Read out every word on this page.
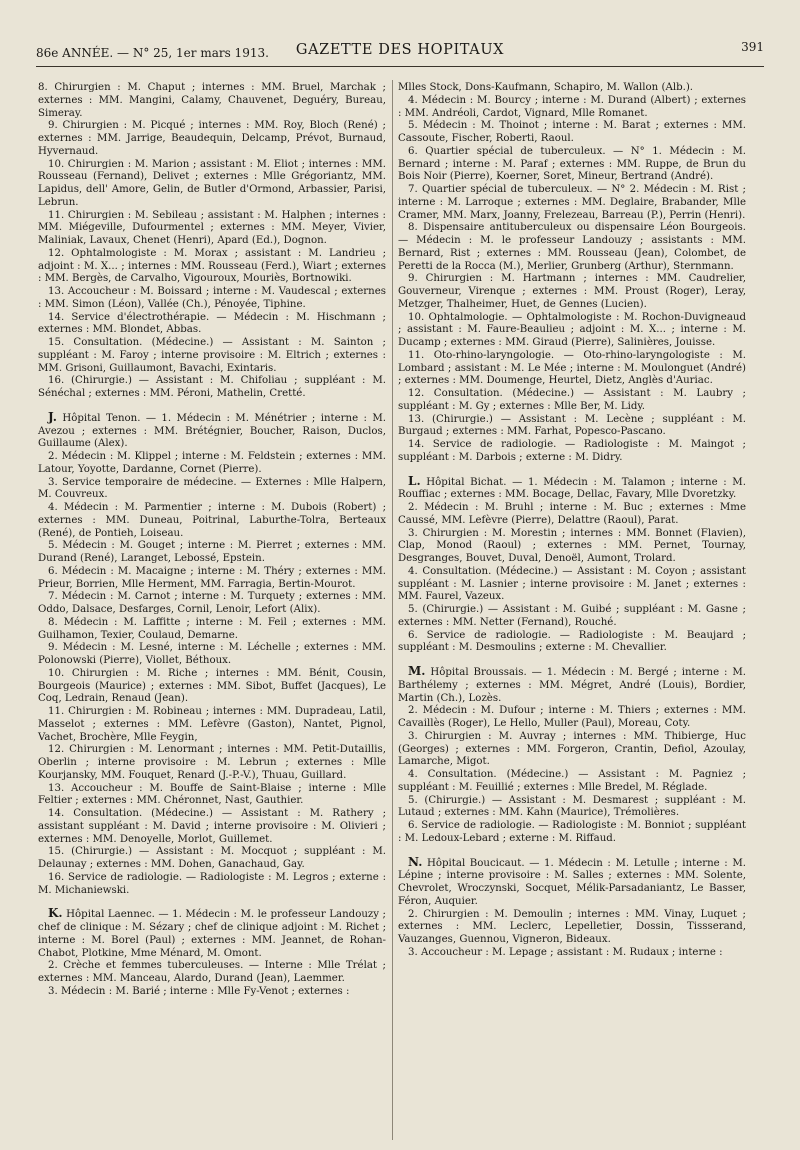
86e ANNÉE. — N° 25, 1er mars 1913.	GAZETTE DES HOPITAUX	391

8. Chirurgien : M. Chaput ; internes : MM. Bruel, Marchak ; externes : MM. Mangini, Calamy, Chauvenet, Deguéry, Bureau, Simeray.

9. Chirurgien : M. Picqué ; internes : MM. Roy, Bloch (René) ; externes : MM. Jarrige, Beaudequin, Delcamp, Prévot, Burnaud, Hyvernaud.

10. Chirurgien : M. Marion ; assistant : M. Eliot ; internes : MM. Rousseau (Fernand), Delivet ; externes : Mlle Grégoriantz, MM. Lapidus, dell' Amore, Gelin, de Butler d'Ormond, Arbassier, Parisi, Lebrun.

11. Chirurgien : M. Sebileau ; assistant : M. Halphen ; internes : MM. Miégeville, Dufourmentel ; externes : MM. Meyer, Vivier, Maliniak, Lavaux, Chenet (Henri), Apard (Ed.), Dognon.

12. Ophtalmologiste : M. Morax ; assistant : M. Landrieu ; adjoint : M. X... ; internes : MM. Rousseau (Ferd.), Wiart ; externes : MM. Bergès, de Carvalho, Vigouroux, Mouriès, Bortnowiki.

13. Accoucheur : M. Boissard ; interne : M. Vaudescal ; externes : MM. Simon (Léon), Vallée (Ch.), Pénoyée, Tiphine.

14. Service d'électrothérapie. — Médecin : M. Hischmann ; externes : MM. Blondet, Abbas.

15. Consultation. (Médecine.) — Assistant : M. Sainton ; suppléant : M. Faroy ; interne provisoire : M. Eltrich ; externes : MM. Grisoni, Guillaumont, Bavachi, Exintaris.

16. (Chirurgie.) — Assistant : M. Chifoliau ; suppléant : M. Sénéchal ; externes : MM. Péroni, Mathelin, Cretté.

J. Hôpital Tenon. — 1. Médecin : M. Ménétrier ; interne : M. Avezou ; externes : MM. Brétégnier, Boucher, Raison, Duclos, Guillaume (Alex).

2. Médecin : M. Klippel ; interne : M. Feldstein ; externes : MM. Latour, Yoyotte, Dardanne, Cornet (Pierre).

3. Service temporaire de médecine. — Externes : Mlle Halpern, M. Couvreux.

4. Médecin : M. Parmentier ; interne : M. Dubois (Robert) ; externes : MM. Duneau, Poitrinal, Laburthe-Tolra, Berteaux (René), de Pontieh, Loiseau.

5. Médecin : M. Gouget ; interne : M. Pierret ; externes : MM. Durand (René), Laranget, Lebossé, Epstein.

6. Médecin : M. Macaigne ; interne : M. Théry ; externes : MM. Prieur, Borrien, Mlle Herment, MM. Farragia, Bertin-Mourot.

7. Médecin : M. Carnot ; interne : M. Turquety ; externes : MM. Oddo, Dalsace, Desfarges, Cornil, Lenoir, Lefort (Alix).

8. Médecin : M. Laffitte ; interne : M. Feil ; externes : MM. Guilhamon, Texier, Coulaud, Demarne.

9. Médecin : M. Lesné, interne : M. Léchelle ; externes : MM. Polonowski (Pierre), Viollet, Béthoux.

10. Chirurgien : M. Riche ; internes : MM. Bénit, Cousin, Bourgeois (Maurice) ; externes : MM. Sibot, Buffet (Jacques), Le Coq, Ledrain, Renaud (Jean).

11. Chirurgien : M. Robineau ; internes : MM. Dupradeau, Latil, Masselot ; externes : MM. Lefèvre (Gaston), Nantet, Pignol, Vachet, Brochère, Mlle Feygin,

12. Chirurgien : M. Lenormant ; internes : MM. Petit-Dutaillis, Oberlin ; interne provisoire : M. Lebrun ; externes : Mlle Kourjansky, MM. Fouquet, Renard (J.-P.-V.), Thuau, Guillard.

13. Accoucheur : M. Bouffe de Saint-Blaise ; interne : Mlle Feltier ; externes : MM. Chéronnet, Nast, Gauthier.

14. Consultation. (Médecine.) — Assistant : M. Rathery ; assistant suppléant : M. David ; interne provisoire : M. Olivieri ; externes : MM. Denoyelle, Morlot, Guillemet.

15. (Chirurgie.) — Assistant : M. Mocquot ; suppléant : M. Delaunay ; externes : MM. Dohen, Ganachaud, Gay.

16. Service de radiologie. — Radiologiste : M. Legros ; externe : M. Michaniewski.

K. Hôpital Laennec. — 1. Médecin : M. le professeur Landouzy ; chef de clinique : M. Sézary ; chef de clinique adjoint : M. Richet ; interne : M. Borel (Paul) ; externes : MM. Jeannet, de Rohan-Chabot, Plotkine, Mme Ménard, M. Omont.

2. Crèche et femmes tuberculeuses. — Interne : Mlle Trélat ; externes : MM. Manceau, Alardo, Durand (Jean), Laemmer.

3. Médecin : M. Barié ; interne : Mlle Fy-Venot ; externes :

Mlles Stock, Dons-Kaufmann, Schapiro, M. Wallon (Alb.).

4. Médecin : M. Bourcy ; interne : M. Durand (Albert) ; externes : MM. Andréoli, Cardot, Vignard, Mlle Romanet.

5. Médecin : M. Thoinot ; interne : M. Barat ; externes : MM. Cassoute, Fischer, Roberti, Raoul.

6. Quartier spécial de tuberculeux. — N° 1. Médecin : M. Bernard ; interne : M. Paraf ; externes : MM. Ruppe, de Brun du Bois Noir (Pierre), Koerner, Soret, Mineur, Bertrand (André).

7. Quartier spécial de tuberculeux. — N° 2. Médecin : M. Rist ; interne : M. Larroque ; externes : MM. Deglaire, Brabander, Mlle Cramer, MM. Marx, Joanny, Frelezeau, Barreau (P.), Perrin (Henri).

8. Dispensaire antituberculeux ou dispensaire Léon Bourgeois. — Médecin : M. le professeur Landouzy ; assistants : MM. Bernard, Rist ; externes : MM. Rousseau (Jean), Colombet, de Peretti de la Rocca (M.), Merlier, Grunberg (Arthur), Sternmann.

9. Chirurgien : M. Hartmann ; internes : MM. Caudrelier, Gouverneur, Virenque ; externes : MM. Proust (Roger), Leray, Metzger, Thalheimer, Huet, de Gennes (Lucien).

10. Ophtalmologie. — Ophtalmologiste : M. Rochon-Duvigneaud ; assistant : M. Faure-Beaulieu ; adjoint : M. X... ; interne : M. Ducamp ; externes : MM. Giraud (Pierre), Salinières, Jouisse.

11. Oto-rhino-laryngologie. — Oto-rhino-laryngologiste : M. Lombard ; assistant : M. Le Mée ; interne : M. Moulonguet (André) ; externes : MM. Doumenge, Heurtel, Dietz, Anglès d'Auriac.

12. Consultation. (Médecine.) — Assistant : M. Laubry ; suppléant : M. Gy ; externes : Mlle Ber, M. Lidy.

13. (Chirurgie.) — Assistant : M. Lecène ; suppléant : M. Burgaud ; externes : MM. Farhat, Popesco-Pascano.

14. Service de radiologie. — Radiologiste : M. Maingot ; suppléant : M. Darbois ; externe : M. Didry.

L. Hôpital Bichat. — 1. Médecin : M. Talamon ; interne : M. Rouffiac ; externes : MM. Bocage, Dellac, Favary, Mlle Dvoretzky.

2. Médecin : M. Bruhl ; interne : M. Buc ; externes : Mme Caussé, MM. Lefèvre (Pierre), Delattre (Raoul), Parat.

3. Chirurgien : M. Morestin ; internes : MM. Bonnet (Flavien), Clap, Monod (Raoul) ; externes : MM. Pernet, Tournay, Desgranges, Bouvet, Duval, Denoël, Aumont, Trolard.

4. Consultation. (Médecine.) — Assistant : M. Coyon ; assistant suppléant : M. Lasnier ; interne provisoire : M. Janet ; externes : MM. Faurel, Vazeux.

5. (Chirurgie.) — Assistant : M. Guibé ; suppléant : M. Gasne ; externes : MM. Netter (Fernand), Rouché.

6. Service de radiologie. — Radiologiste : M. Beaujard ; suppléant : M. Desmoulins ; externe : M. Chevallier.

M. Hôpital Broussais. — 1. Médecin : M. Bergé ; interne : M. Barthélemy ; externes : MM. Mégret, André (Louis), Bordier, Martin (Ch.), Lozès.

2. Médecin : M. Dufour ; interne : M. Thiers ; externes : MM. Cavaillès (Roger), Le Hello, Muller (Paul), Moreau, Coty.

3. Chirurgien : M. Auvray ; internes : MM. Thibierge, Huc (Georges) ; externes : MM. Forgeron, Crantin, Defiol, Azoulay, Lamarche, Migot.

4. Consultation. (Médecine.) — Assistant : M. Pagniez ; suppléant : M. Feuillié ; externes : Mlle Bredel, M. Réglade.

5. (Chirurgie.) — Assistant : M. Desmarest ; suppléant : M. Lutaud ; externes : MM. Kahn (Maurice), Trémolières.

6. Service de radiologie. — Radiologiste : M. Bonniot ; suppléant : M. Ledoux-Lebard ; externe : M. Riffaud.

N. Hôpital Boucicaut. — 1. Médecin : M. Letulle ; interne : M. Lépine ; interne provisoire : M. Salles ; externes : MM. Solente, Chevrolet, Wroczynski, Socquet, Mélik-Parsadaniantz, Le Basser, Féron, Auquier.

2. Chirurgien : M. Demoulin ; internes : MM. Vinay, Luquet ; externes : MM. Leclerc, Lepelletier, Dossin, Tissserand, Vauzanges, Guennou, Vigneron, Bideaux.

3. Accoucheur : M. Lepage ; assistant : M. Rudaux ; interne :
